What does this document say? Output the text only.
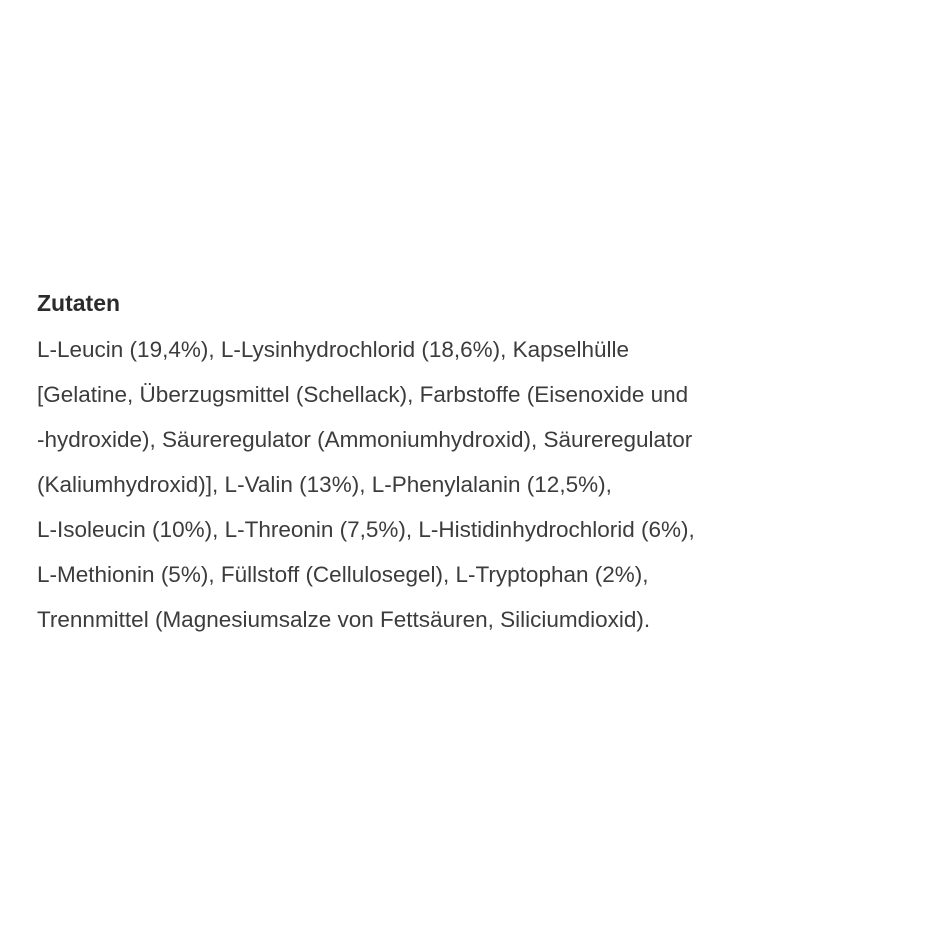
Zutaten

L-Leucin (19,4%), L-Lysinhydrochlorid (18,6%), Kapselhülle
[Gelatine, Überzugsmittel (Schellack), Farbstoffe (Eisenoxide und
-hydroxide), Säureregulator (Ammoniumhydroxid), Säureregulator
(Kaliumhydroxid)], L-Valin (13%), L-Phenylalanin (12,5%),
L-Isoleucin (10%), L-Threonin (7,5%), L-Histidinhydrochlorid (6%),
L-Methionin (5%), Füllstoff (Cellulosegel), L-Tryptophan (2%),
Trennmittel (Magnesiumsalze von Fettsäuren, Siliciumdioxid).
